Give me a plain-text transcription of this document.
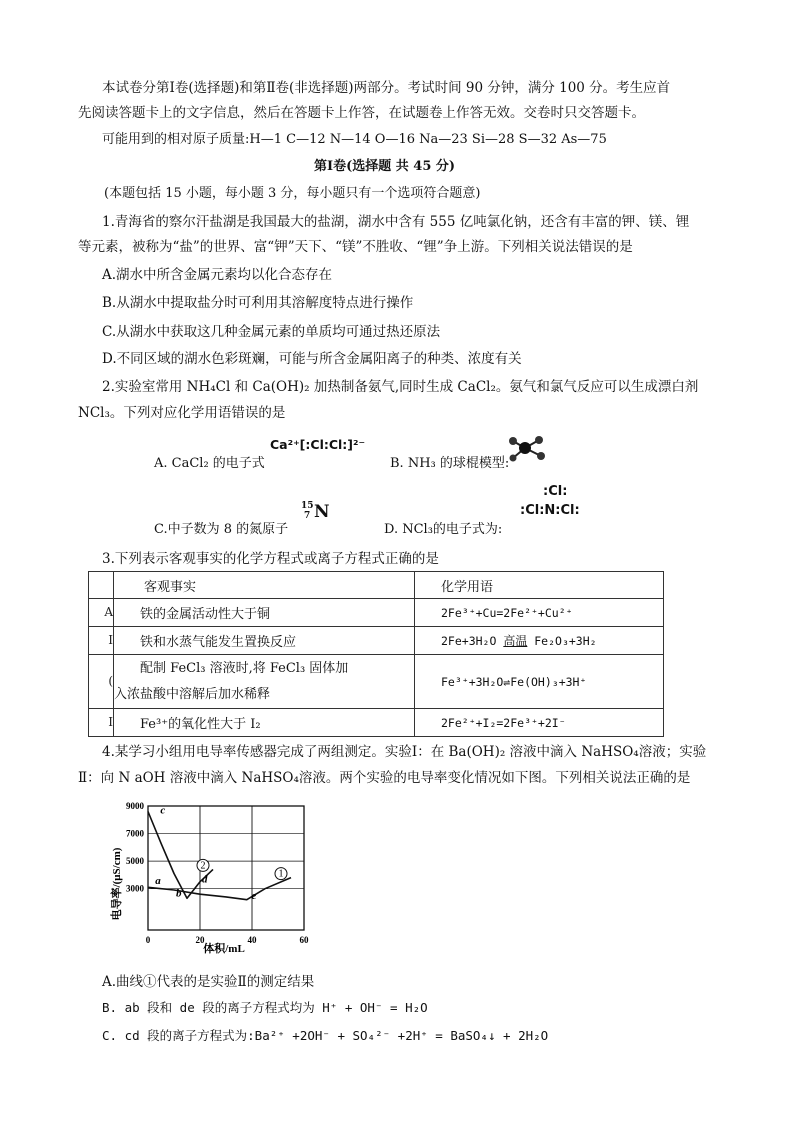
本试卷分第Ⅰ卷(选择题)和第Ⅱ卷(非选择题)两部分。考试时间 90 分钟，满分 100 分。考生应首
先阅读答题卡上的文字信息，然后在答题卡上作答，在试题卷上作答无效。交卷时只交答题卡。
可能用到的相对原子质量:H—1 C—12 N—14 O—16 Na—23 Si—28 S—32 As—75
第Ⅰ卷(选择题 共 45 分)
(本题包括 15 小题，每小题 3 分，每小题只有一个选项符合题意)
1.青海省的察尔汗盐湖是我国最大的盐湖，湖水中含有 555 亿吨氯化钠，还含有丰富的钾、镁、锂
等元素，被称为“盐”的世界、富“钾”天下、“镁”不胜收、“锂”争上游。下列相关说法错误的是
A.湖水中所含金属元素均以化合态存在
B.从湖水中提取盐分时可利用其溶解度特点进行操作
C.从湖水中获取这几种金属元素的单质均可通过热还原法
D.不同区域的湖水色彩斑斓，可能与所含金属阳离子的种类、浓度有关
2.实验室常用 NH₄Cl 和 Ca(OH)₂ 加热制备氨气,同时生成 CaCl₂。氨气和氯气反应可以生成漂白剂
NCl₃。下列对应化学用语错误的是
A. CaCl₂ 的电子式
Ca²⁺[:Cl:Cl:]²⁻
B. NH₃ 的球棍模型:
C.中子数为 8 的氮原子
15
7 N
D. NCl₃的电子式为:
:Cl:
:Cl:N:Cl:
3.下列表示客观事实的化学方程式或离子方程式正确的是
	客观事实	化学用语
A	铁的金属活动性大于铜	2Fe³⁺+Cu=2Fe²⁺+Cu²⁺
I	铁和水蒸气能发生置换反应	2Fe+3H₂O 高温 Fe₂O₃+3H₂
(	配制 FeCl₃ 溶液时,将 FeCl₃ 固体加
入浓盐酸中溶解后加水稀释	Fe³⁺+3H₂O⇌Fe(OH)₃+3H⁺
I	Fe³⁺的氧化性大于 I₂	2Fe²⁺+I₂=2Fe³⁺+2I⁻
4.某学习小组用电导率传感器完成了两组测定。实验Ⅰ：在 Ba(OH)₂ 溶液中滴入 NaHSO₄溶液；实验
Ⅱ：向 N aOH 溶液中滴入 NaHSO₄溶液。两个实验的电导率变化情况如下图。下列相关说法正确的是
3000
5000
7000
9000
0	20	40	60
1
2
a
b
c
d
e
电导率/(μS/cm)
体积/mL
A.曲线①代表的是实验Ⅱ的测定结果
B. ab 段和 de 段的离子方程式均为 H⁺ + OH⁻ = H₂O
C. cd 段的离子方程式为:Ba²⁺ +2OH⁻ + SO₄²⁻ +2H⁺ = BaSO₄↓ + 2H₂O
